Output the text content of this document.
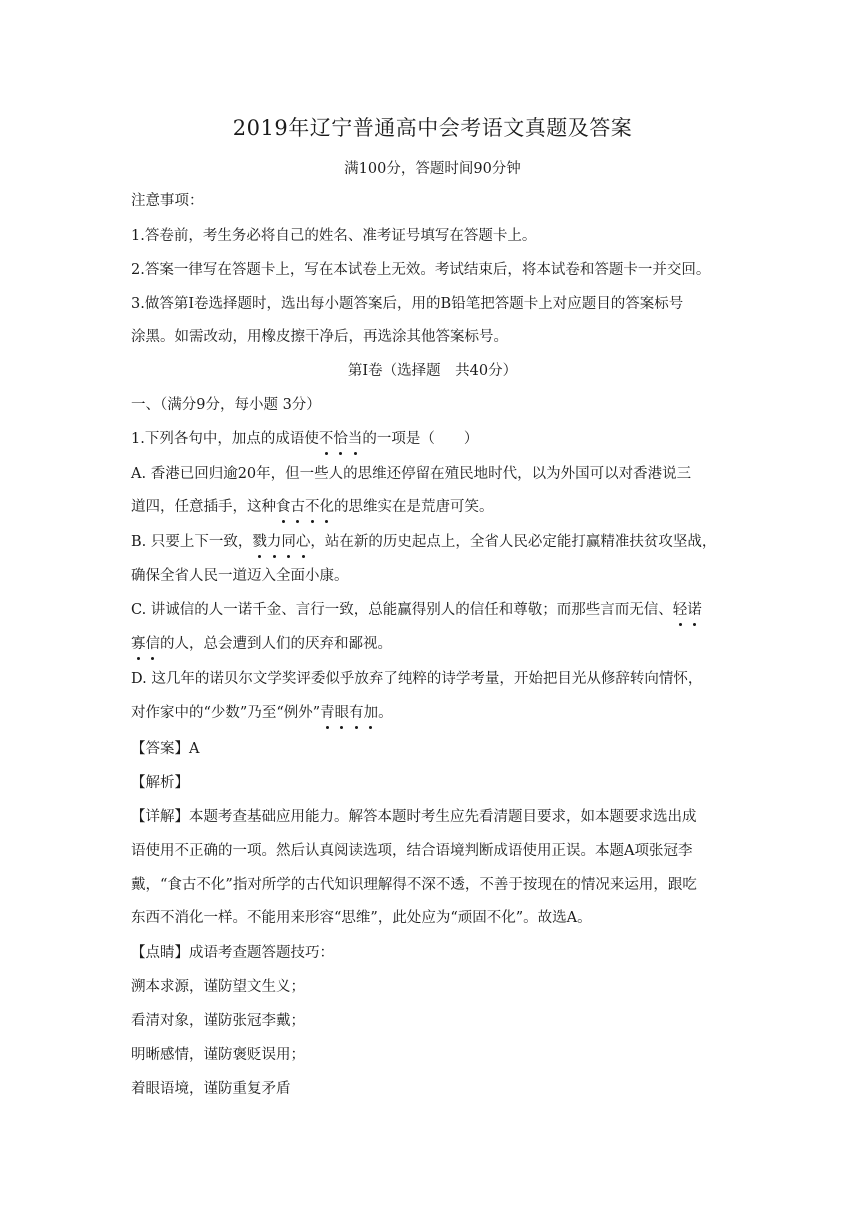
2019年辽宁普通高中会考语文真题及答案
满100分，答题时间90分钟
注意事项：
1.答卷前，考生务必将自己的姓名、准考证号填写在答题卡上。
2.答案一律写在答题卡上，写在本试卷上无效。考试结束后，将本试卷和答题卡一并交回。
3.做答第Ⅰ卷选择题时，选出每小题答案后，用的B铅笔把答题卡上对应题目的答案标号
涂黑。如需改动，用橡皮擦干净后，再选涂其他答案标号。
第Ⅰ卷（选择题　共40分）
一、（满分9分，每小题 3分）
1.下列各句中，加点的成语使不恰当的一项是（　　）
A. 香港已回归逾20年，但一些人的思维还停留在殖民地时代，以为外国可以对香港说三
道四，任意插手，这种食古不化的思维实在是荒唐可笑。
B. 只要上下一致，戮力同心，站在新的历史起点上，全省人民必定能打赢精准扶贫攻坚战，
确保全省人民一道迈入全面小康。
C. 讲诚信的人一诺千金、言行一致，总能赢得别人的信任和尊敬；而那些言而无信、轻诺
寡信的人，总会遭到人们的厌弃和鄙视。
D. 这几年的诺贝尔文学奖评委似乎放弃了纯粹的诗学考量，开始把目光从修辞转向情怀，
对作家中的“少数”乃至“例外”青眼有加。
【答案】A
【解析】
【详解】本题考查基础应用能力。解答本题时考生应先看清题目要求，如本题要求选出成
语使用不正确的一项。然后认真阅读选项，结合语境判断成语使用正误。本题A项张冠李
戴，“食古不化”指对所学的古代知识理解得不深不透，不善于按现在的情况来运用，跟吃
东西不消化一样。不能用来形容“思维”，此处应为“顽固不化”。故选A。
【点睛】成语考查题答题技巧：
溯本求源，谨防望文生义；
看清对象，谨防张冠李戴；
明晰感情，谨防褒贬误用；
着眼语境，谨防重复矛盾
